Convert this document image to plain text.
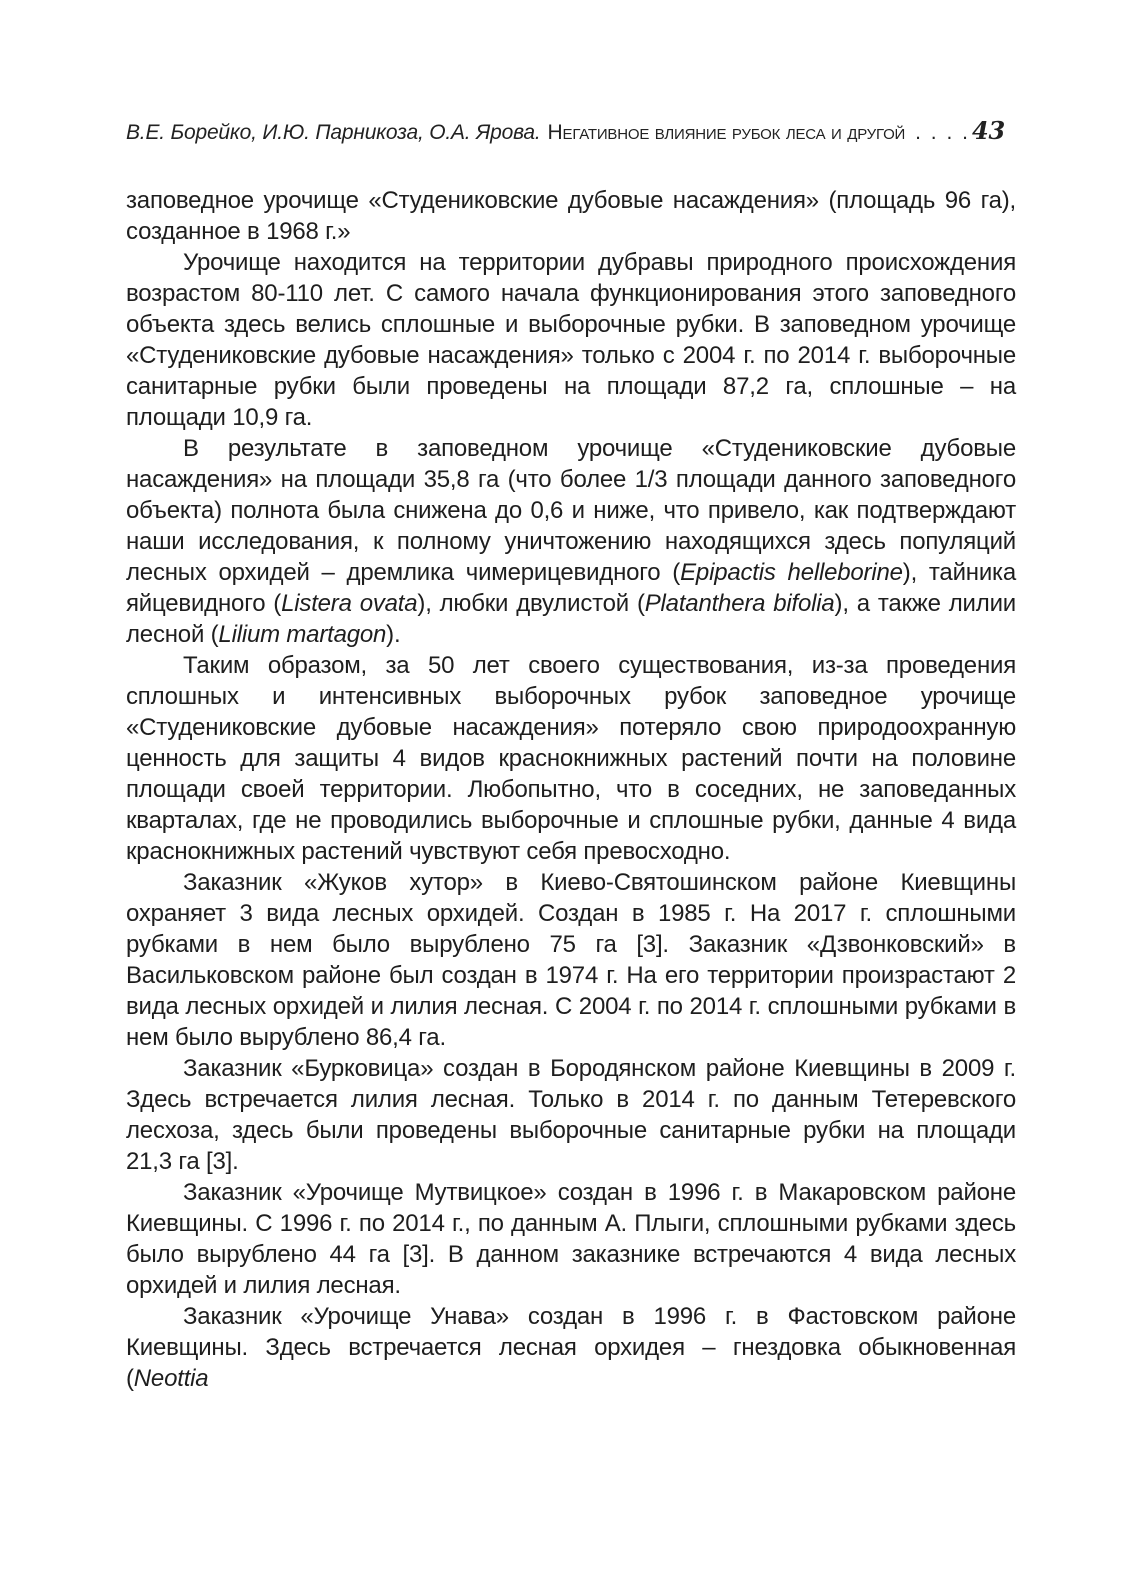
В.Е. Борейко, И.Ю. Парникоза, О.А. Ярова. Негативное влияние рубок леса и другой . . . .43

заповедное урочище «Студениковские дубовые насаждения» (площадь 96 га), созданное в 1968 г.»

Урочище находится на территории дубравы природного происхождения возрастом 80-110 лет. С самого начала функционирования этого заповедного объекта здесь велись сплошные и выборочные рубки. В заповедном урочище «Студениковские дубовые насаждения» только с 2004 г. по 2014 г. выборочные санитарные рубки были проведены на площади 87,2 га, сплошные – на площади 10,9 га.

В результате в заповедном урочище «Студениковские дубовые насаждения» на площади 35,8 га (что более 1/3 площади данного заповедного объекта) полнота была снижена до 0,6 и ниже, что привело, как подтверждают наши исследования, к полному уничтожению находящихся здесь популяций лесных орхидей – дремлика чимерицевидного (Epipactis helleborine), тайника яйцевидного (Listera ovata), любки двулистой (Platanthera bifolia), а также лилии лесной (Lilium martagon).

Таким образом, за 50 лет своего существования, из-за проведения сплошных и интенсивных выборочных рубок заповедное урочище «Студениковские дубовые насаждения» потеряло свою природоохранную ценность для защиты 4 видов краснокнижных растений почти на половине площади своей территории. Любопытно, что в соседних, не заповеданных кварталах, где не проводились выборочные и сплошные рубки, данные 4 вида краснокнижных растений чувствуют себя превосходно.

Заказник «Жуков хутор» в Киево-Святошинском районе Киевщины охраняет 3 вида лесных орхидей. Создан в 1985 г. На 2017 г. сплошными рубками в нем было вырублено 75 га [3]. Заказник «Дзвонковский» в Васильковском районе был создан в 1974 г. На его территории произрастают 2 вида лесных орхидей и лилия лесная. С 2004 г. по 2014 г. сплошными рубками в нем было вырублено 86,4 га.

Заказник «Бурковица» создан в Бородянском районе Киевщины в 2009 г. Здесь встречается лилия лесная. Только в 2014 г. по данным Тетеревского лесхоза, здесь были проведены выборочные санитарные рубки на площади 21,3 га [3].

Заказник «Урочище Мутвицкое» создан в 1996 г. в Макаровском районе Киевщины. С 1996 г. по 2014 г., по данным А. Плыги, сплошными рубками здесь было вырублено 44 га [3]. В данном заказнике встречаются 4 вида лесных орхидей и лилия лесная.

Заказник «Урочище Унава» создан в 1996 г. в Фастовском районе Киевщины. Здесь встречается лесная орхидея – гнездовка обыкновенная (Neottia
